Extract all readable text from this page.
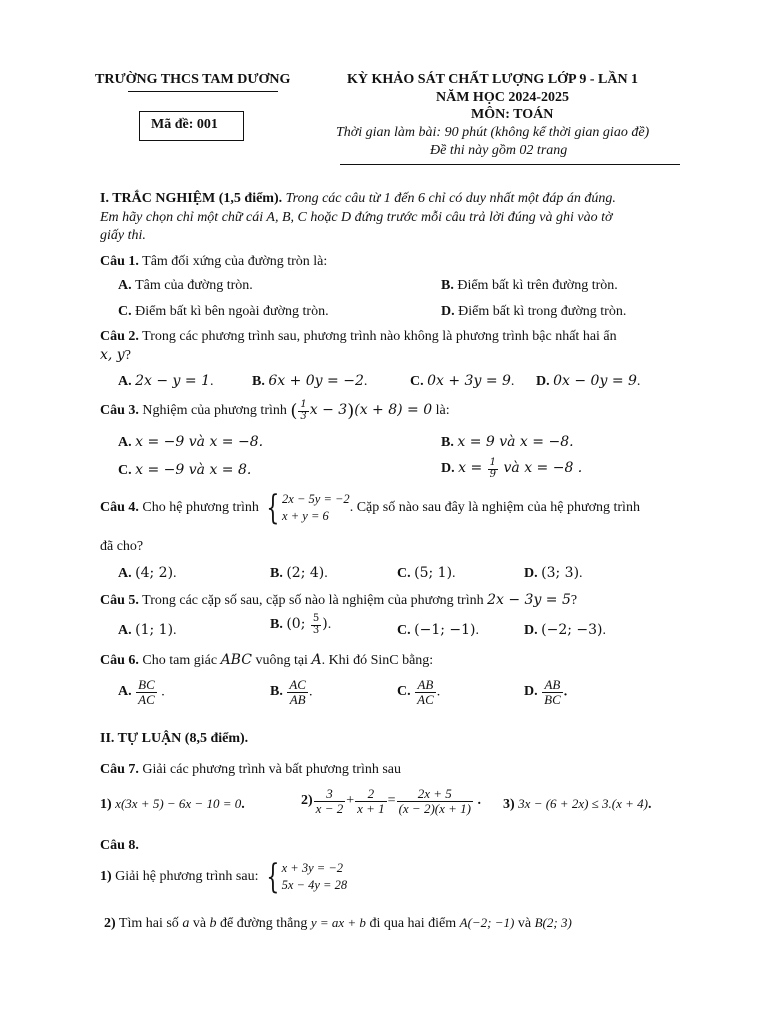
TRƯỜNG THCS TAM DƯƠNG
Mã đề: 001
KỲ KHẢO SÁT CHẤT LƯỢNG LỚP 9 - LẦN 1
NĂM HỌC 2024-2025
MÔN: TOÁN
Thời gian làm bài: 90 phút (không kể thời gian giao đề)
Đề thi này gồm 02 trang
I. TRẮC NGHIỆM (1,5 điểm). Trong các câu từ 1 đến 6 chỉ có duy nhất một đáp án đúng.
Em hãy chọn chỉ một chữ cái A, B, C hoặc D đứng trước mỗi câu trả lời đúng và ghi vào tờ
giấy thi.
Câu 1. Tâm đối xứng của đường tròn là:
A. Tâm của đường tròn.	B. Điểm bất kì trên đường tròn.
C. Điểm bất kì bên ngoài đường tròn.	D. Điểm bất kì trong đường tròn.
Câu 2. Trong các phương trình sau, phương trình nào không là phương trình bậc nhất hai ẩn
x, y?
A. 2x − y = 1.	B. 6x + 0y = −2.	C. 0x + 3y = 9. D. 0x − 0y = 9.
Câu 3. Nghiệm của phương trình ( $\frac{1}{3}$ x − 3)(x + 8) = 0 là:
A. x = −9 và x = −8.	B. x = 9 và x = −8.
C. x = −9 và x = 8.	D. $x = \frac{1}{9}$ và x = −8 .
Câu 4. Cho hệ phương trình { 2x − 5y = −2
x + y = 6
. Cặp số nào sau đây là nghiệm của hệ phương trình
đã cho?
A. (4; 2).	B. (2; 4).	C. (5; 1).	D. (3; 3).
Câu 5. Trong các cặp số sau, cặp số nào là nghiệm của phương trình 2x − 3y = 5?
A. (1; 1).	B. (0; $\frac{5}{3}$ ).	C. (−1; −1).	D. (−2; −3).
Câu 6. Cho tam giác ABC vuông tại A. Khi đó SinC bằng:
A. $\frac{BC}{AC}$ .	B. $\frac{AC}{AB}$ .	C. $\frac{AB}{AC}$ .	D. $\frac{AB}{BC}$ .
II. TỰ LUẬN (8,5 điểm).
Câu 7. Giải các phương trình và bất phương trình sau
1) x(3x + 5) − 6x − 10 = 0.	$2) \frac{3}{x - 2} + \frac{2}{x + 1} = \frac{2x + 5}{(x - 2)(x + 1)}$ . 3) 3x − (6 + 2x) ≤ 3.(x + 4).
Câu 8.
1) Giải hệ phương trình sau: { x + 3y = −2
5x − 4y = 28
2) Tìm hai số a và b để đường thẳng y = ax + b đi qua hai điểm A(−2; −1) và B(2; 3)
